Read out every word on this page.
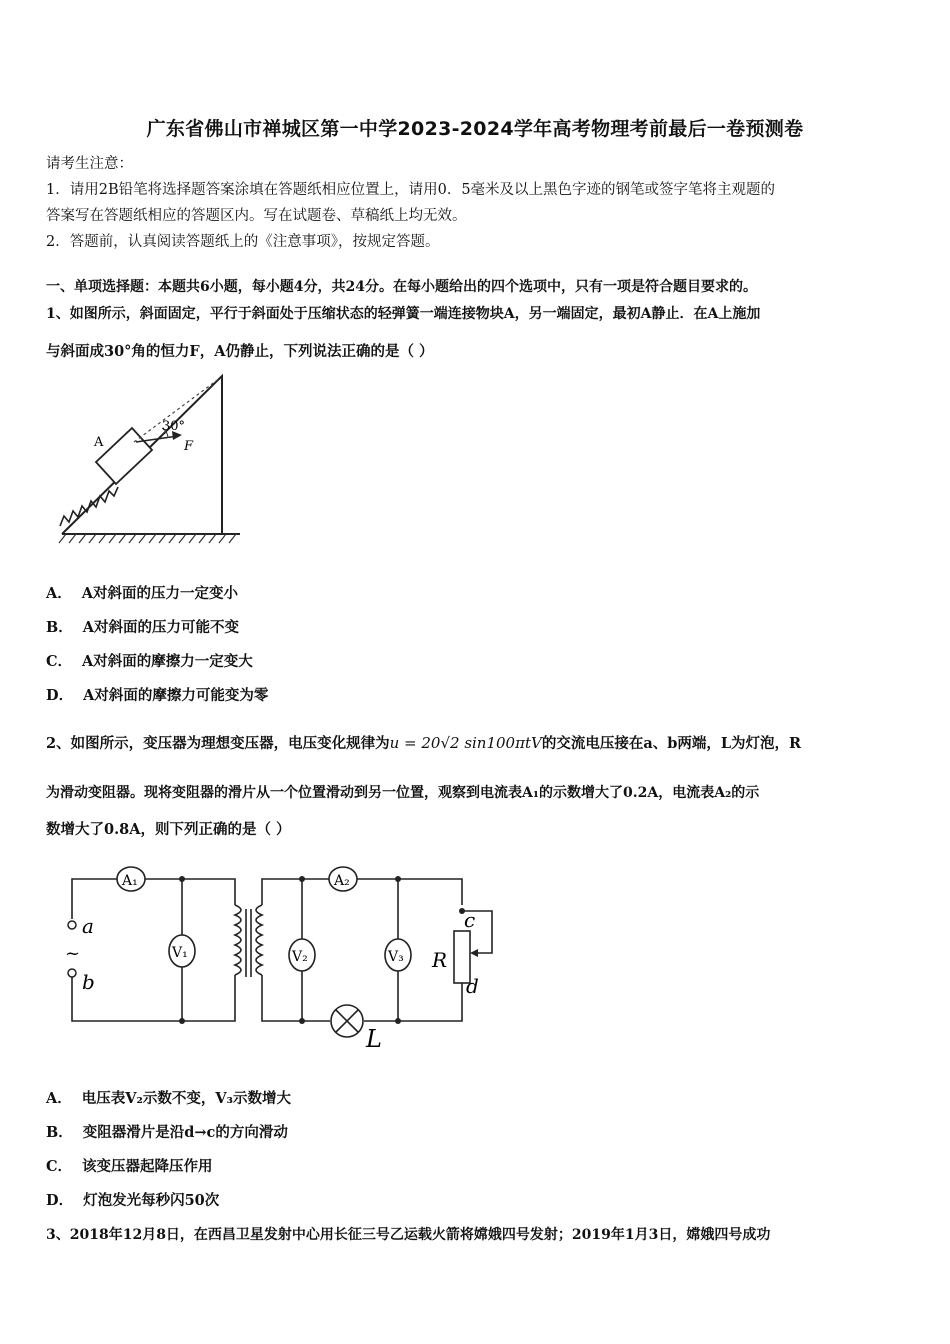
广东省佛山市禅城区第一中学2023-2024学年高考物理考前最后一卷预测卷
请考生注意：
1．请用2B铅笔将选择题答案涂填在答题纸相应位置上，请用0．5毫米及以上黑色字迹的钢笔或签字笔将主观题的
答案写在答题纸相应的答题区内。写在试题卷、草稿纸上均无效。
2．答题前，认真阅读答题纸上的《注意事项》，按规定答题。
一、单项选择题：本题共6小题，每小题4分，共24分。在每小题给出的四个选项中，只有一项是符合题目要求的。
1、如图所示，斜面固定，平行于斜面处于压缩状态的轻弹簧一端连接物块A，另一端固定，最初A静止．在A上施加
与斜面成30°角的恒力F，A仍静止，下列说法正确的是（ ）
A
30°
F
A． A对斜面的压力一定变小
B． A对斜面的压力可能不变
C． A对斜面的摩擦力一定变大
D． A对斜面的摩擦力可能变为零
2、如图所示，变压器为理想变压器，电压变化规律为u = 20√2 sin100πtV的交流电压接在a、b两端，L为灯泡，R
为滑动变阻器。现将变阻器的滑片从一个位置滑动到另一位置，观察到电流表A₁的示数增大了0.2A，电流表A₂的示
数增大了0.8A，则下列正确的是（ ）
A₁	A₂
V₁	V₂	V₃
a
~
b
R
c
d
L
A． 电压表V₂示数不变，V₃示数增大
B． 变阻器滑片是沿d→c的方向滑动
C． 该变压器起降压作用
D． 灯泡发光每秒闪50次
3、2018年12月8日，在西昌卫星发射中心用长征三号乙运载火箭将嫦娥四号发射；2019年1月3日，嫦娥四号成功
